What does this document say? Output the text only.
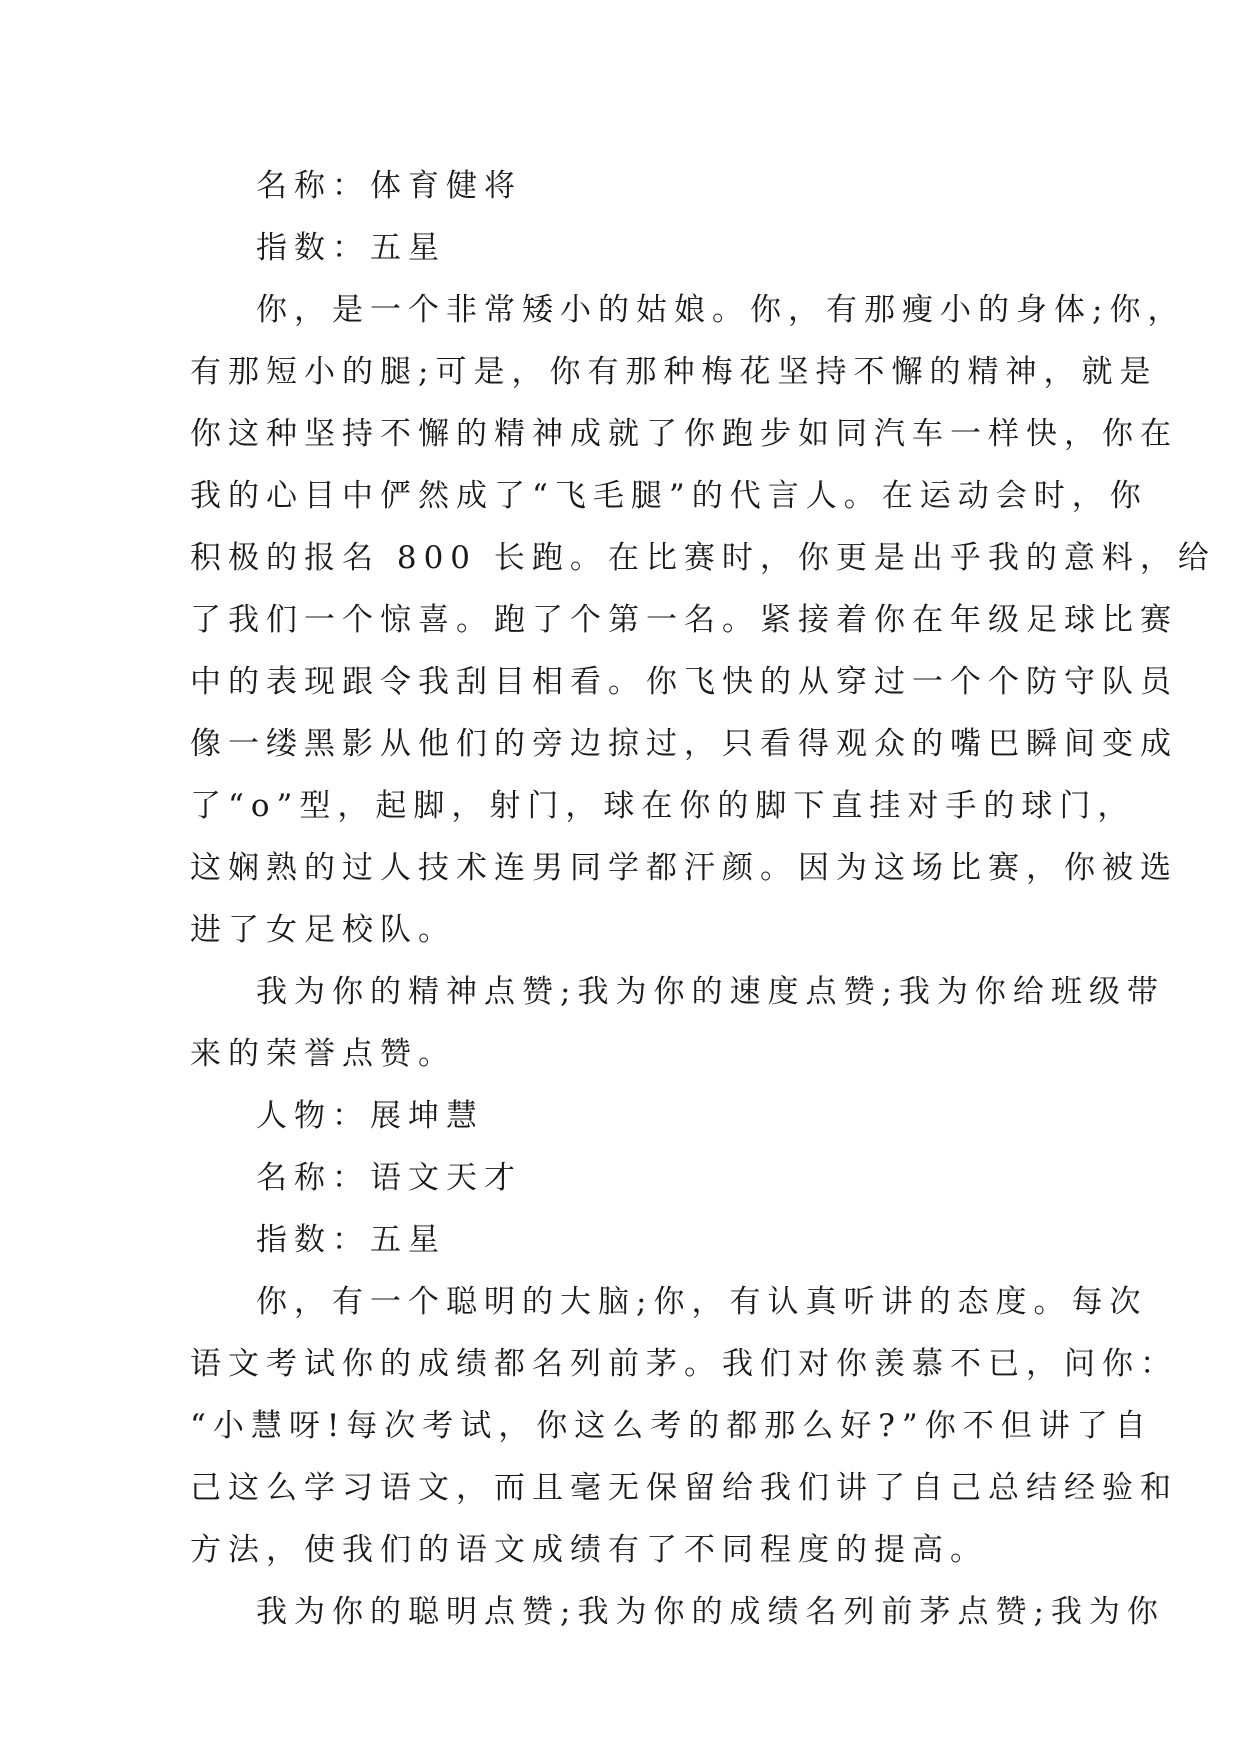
名称：体育健将

指数：五星

你，是一个非常矮小的姑娘。你，有那瘦小的身体;你，

有那短小的腿;可是，你有那种梅花坚持不懈的精神，就是

你这种坚持不懈的精神成就了你跑步如同汽车一样快，你在

我的心目中俨然成了“飞毛腿”的代言人。在运动会时，你

积极的报名 800 长跑。在比赛时，你更是出乎我的意料，给

了我们一个惊喜。跑了个第一名。紧接着你在年级足球比赛

中的表现跟令我刮目相看。你飞快的从穿过一个个防守队员

像一缕黑影从他们的旁边掠过，只看得观众的嘴巴瞬间变成

了“o”型，起脚，射门，球在你的脚下直挂对手的球门，

这娴熟的过人技术连男同学都汗颜。因为这场比赛，你被选

进了女足校队。

我为你的精神点赞;我为你的速度点赞;我为你给班级带

来的荣誉点赞。

人物：展坤慧

名称：语文天才

指数：五星

你，有一个聪明的大脑;你，有认真听讲的态度。每次

语文考试你的成绩都名列前茅。我们对你羡慕不已，问你：

“小慧呀!每次考试，你这么考的都那么好?”你不但讲了自

己这么学习语文，而且毫无保留给我们讲了自己总结经验和

方法，使我们的语文成绩有了不同程度的提高。

我为你的聪明点赞;我为你的成绩名列前茅点赞;我为你
